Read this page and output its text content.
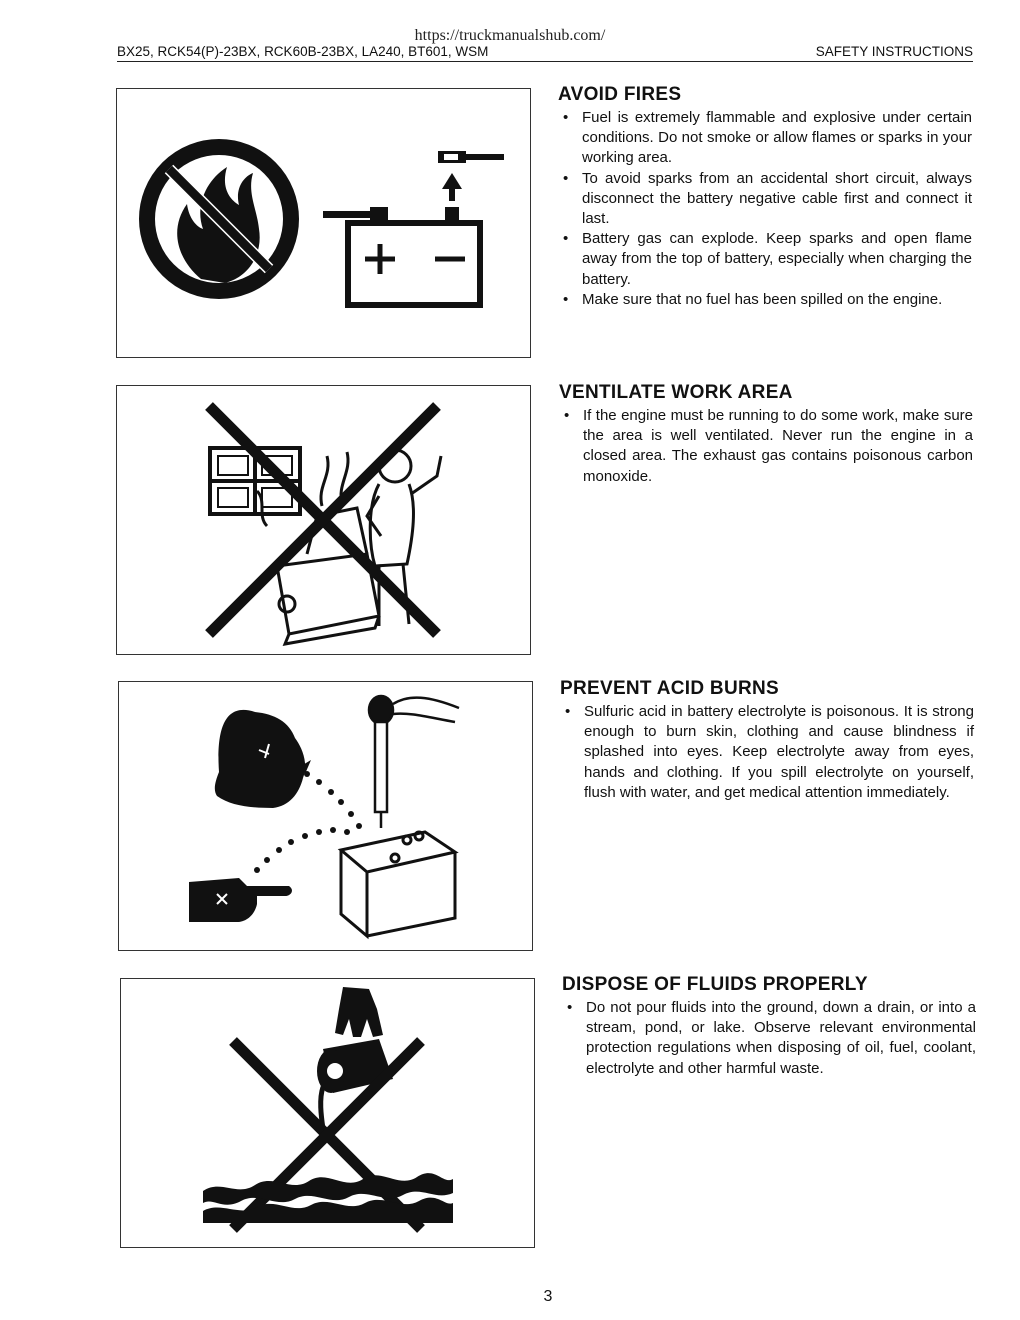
https://truckmanualshub.com/
BX25, RCK54(P)-23BX, RCK60B-23BX, LA240, BT601, WSM	SAFETY INSTRUCTIONS
AVOID FIRES
• Fuel is extremely flammable and explosive under certain conditions. Do not smoke or allow flames or sparks in your working area.
• To avoid sparks from an accidental short circuit, always disconnect the battery negative cable first and connect it last.
• Battery gas can explode. Keep sparks and open flame away from the top of battery, especially when charging the battery.
• Make sure that no fuel has been spilled on the engine.
VENTILATE WORK AREA
• If the engine must be running to do some work, make sure the area is well ventilated. Never run the engine in a closed area. The exhaust gas contains poisonous carbon monoxide.
PREVENT ACID BURNS
• Sulfuric acid in battery electrolyte is poisonous. It is strong enough to burn skin, clothing and cause blindness if splashed into eyes. Keep electrolyte away from eyes, hands and clothing. If you spill electrolyte on yourself, flush with water, and get medical attention immediately.
DISPOSE OF FLUIDS PROPERLY
• Do not pour fluids into the ground, down a drain, or into a stream, pond, or lake. Observe relevant environmental protection regulations when disposing of oil, fuel, coolant, electrolyte and other harmful waste.
3
